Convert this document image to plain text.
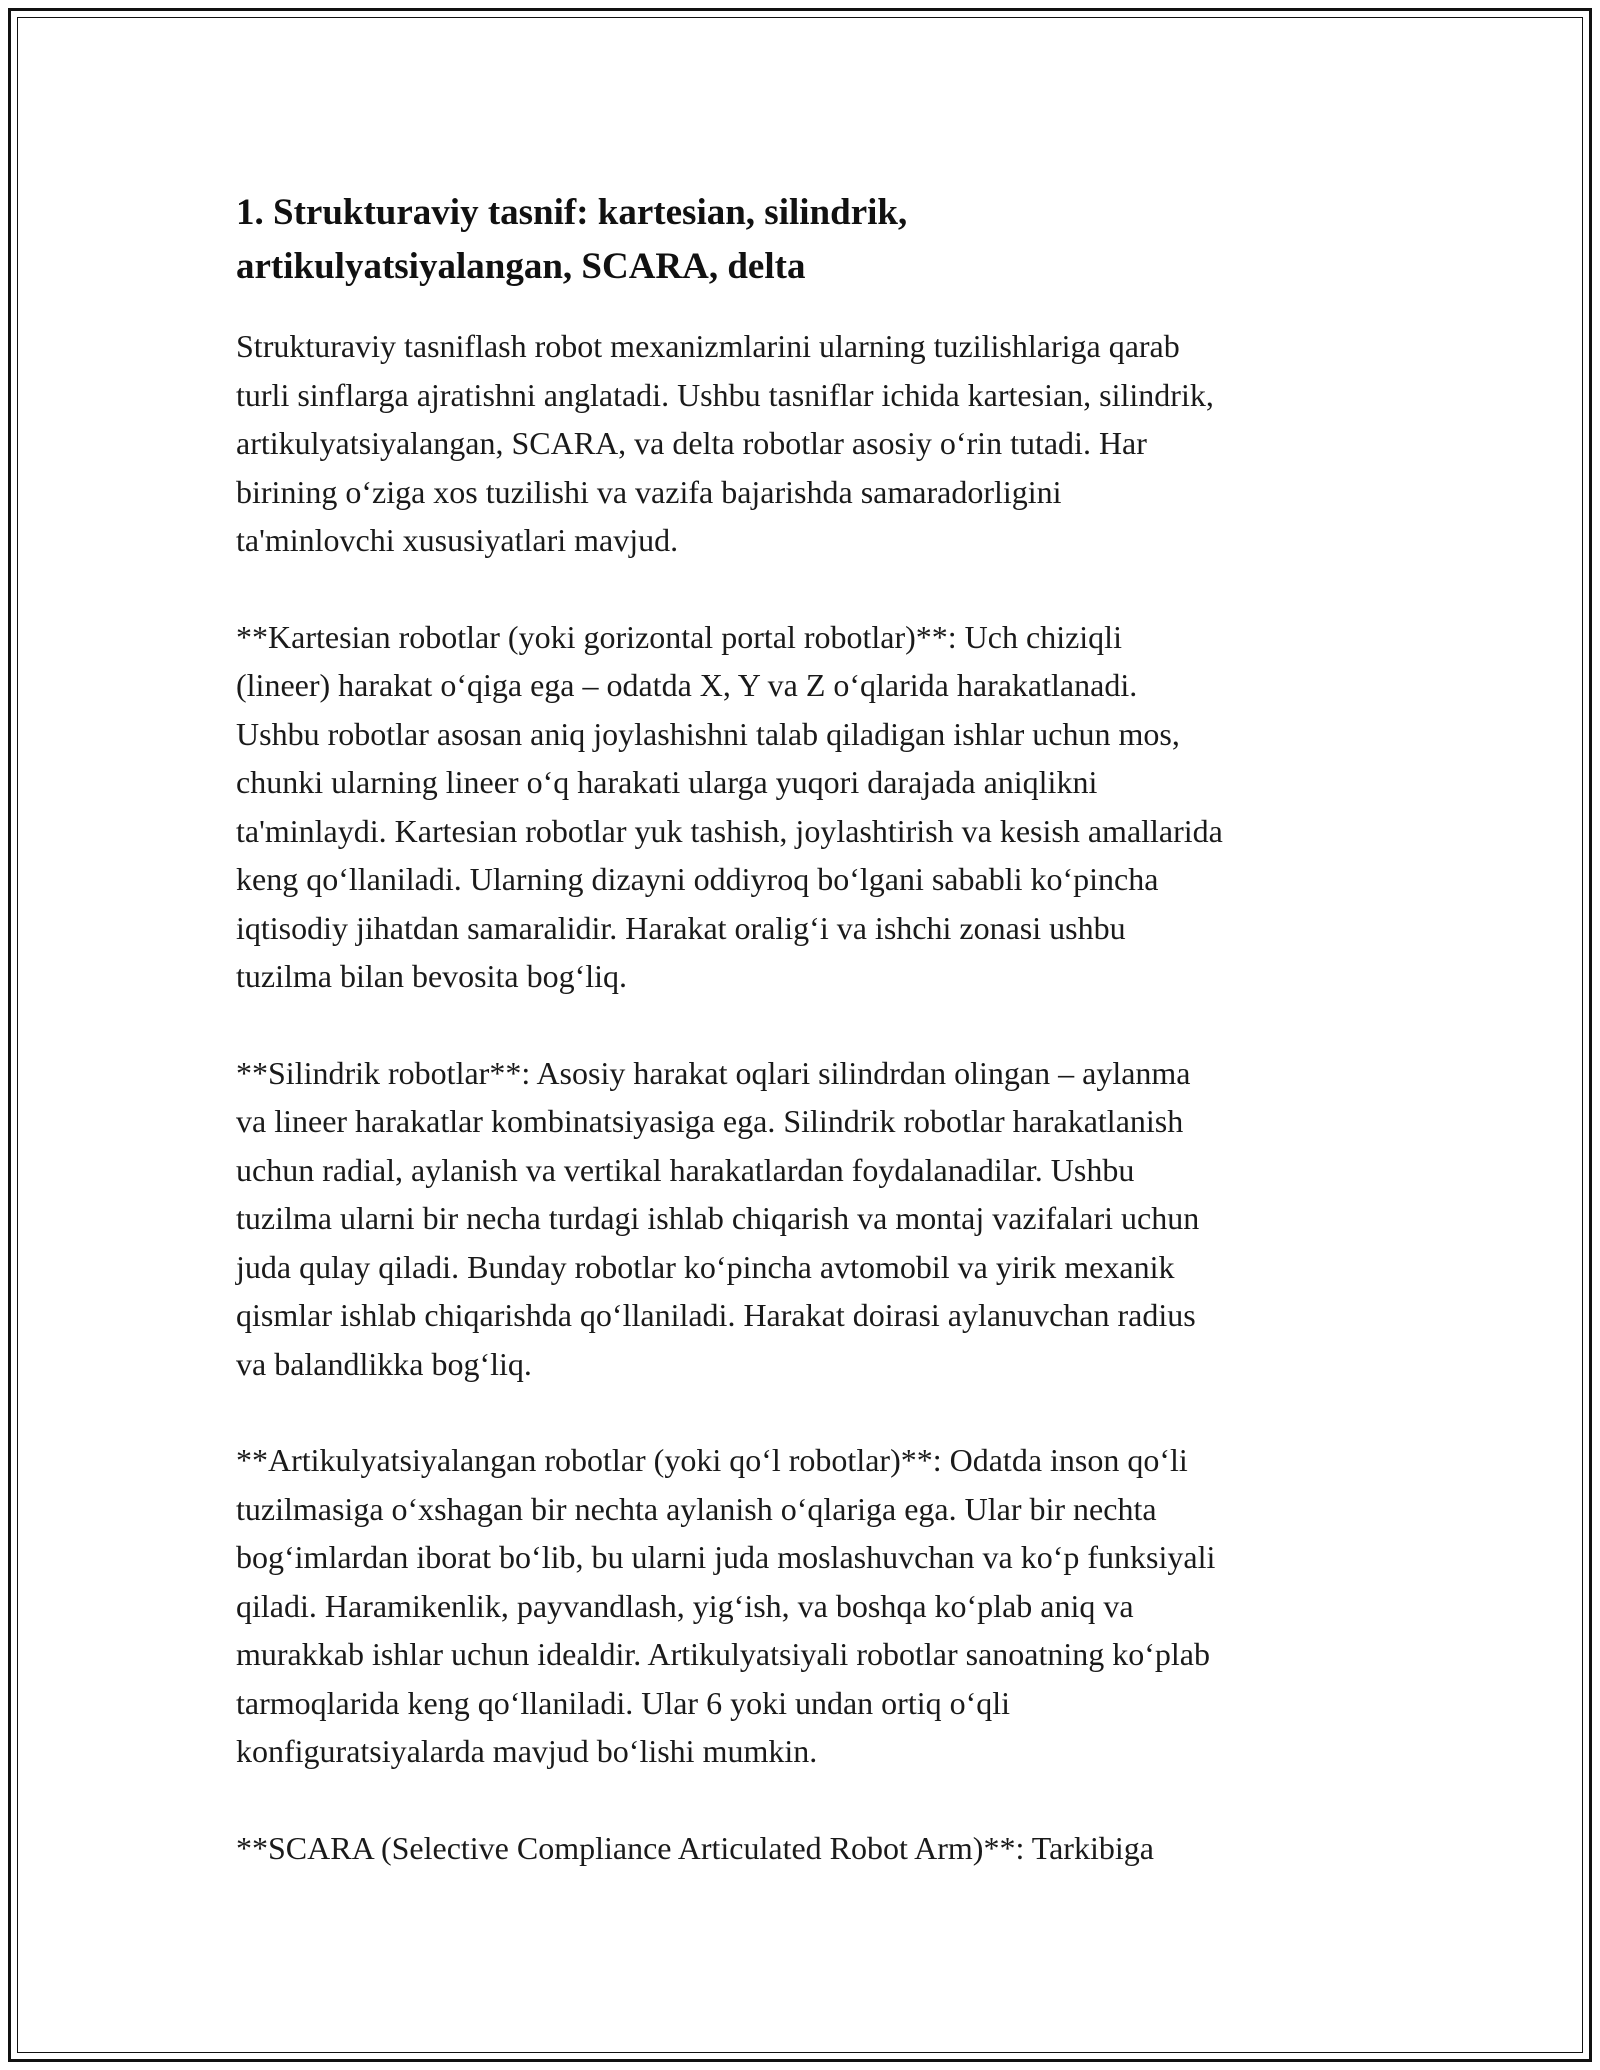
1. Strukturaviy tasnif: kartesian, silindrik,
artikulyatsiyalangan, SCARA, delta

Strukturaviy tasniflash robot mexanizmlarini ularning tuzilishlariga qarab
turli sinflarga ajratishni anglatadi. Ushbu tasniflar ichida kartesian, silindrik,
artikulyatsiyalangan, SCARA, va delta robotlar asosiy o‘rin tutadi. Har
birining o‘ziga xos tuzilishi va vazifa bajarishda samaradorligini
ta'minlovchi xususiyatlari mavjud.

**Kartesian robotlar (yoki gorizontal portal robotlar)**: Uch chiziqli
(lineer) harakat o‘qiga ega – odatda X, Y va Z o‘qlarida harakatlanadi.
Ushbu robotlar asosan aniq joylashishni talab qiladigan ishlar uchun mos,
chunki ularning lineer o‘q harakati ularga yuqori darajada aniqlikni
ta'minlaydi. Kartesian robotlar yuk tashish, joylashtirish va kesish amallarida
keng qo‘llaniladi. Ularning dizayni oddiyroq bo‘lgani sababli ko‘pincha
iqtisodiy jihatdan samaralidir. Harakat oralig‘i va ishchi zonasi ushbu
tuzilma bilan bevosita bog‘liq.

**Silindrik robotlar**: Asosiy harakat oqlari silindrdan olingan – aylanma
va lineer harakatlar kombinatsiyasiga ega. Silindrik robotlar harakatlanish
uchun radial, aylanish va vertikal harakatlardan foydalanadilar. Ushbu
tuzilma ularni bir necha turdagi ishlab chiqarish va montaj vazifalari uchun
juda qulay qiladi. Bunday robotlar ko‘pincha avtomobil va yirik mexanik
qismlar ishlab chiqarishda qo‘llaniladi. Harakat doirasi aylanuvchan radius
va balandlikka bog‘liq.

**Artikulyatsiyalangan robotlar (yoki qo‘l robotlar)**: Odatda inson qo‘li
tuzilmasiga o‘xshagan bir nechta aylanish o‘qlariga ega. Ular bir nechta
bog‘imlardan iborat bo‘lib, bu ularni juda moslashuvchan va ko‘p funksiyali
qiladi. Haramikenlik, payvandlash, yig‘ish, va boshqa ko‘plab aniq va
murakkab ishlar uchun idealdir. Artikulyatsiyali robotlar sanoatning ko‘plab
tarmoqlarida keng qo‘llaniladi. Ular 6 yoki undan ortiq o‘qli
konfiguratsiyalarda mavjud bo‘lishi mumkin.

**SCARA (Selective Compliance Articulated Robot Arm)**: Tarkibiga
